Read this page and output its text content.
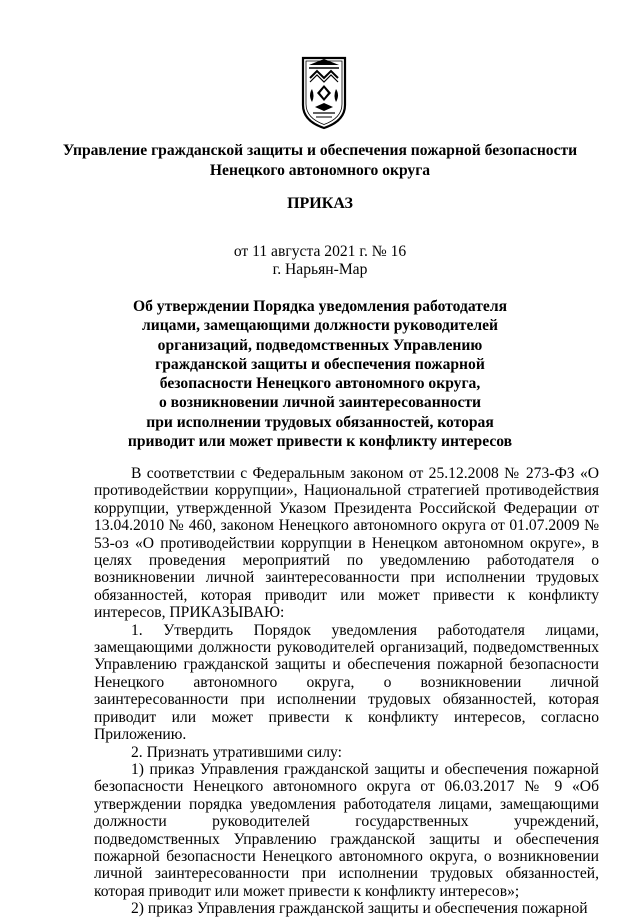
Управление гражданской защиты и обеспечения пожарной безопасности
Ненецкого автономного округа
ПРИКАЗ
от 11 августа 2021 г. № 16
г. Нарьян-Мар
Об утверждении Порядка уведомления работодателя
лицами, замещающими должности руководителей
организаций, подведомственных Управлению
гражданской защиты и обеспечения пожарной
безопасности Ненецкого автономного округа,
о возникновении личной заинтересованности
при исполнении трудовых обязанностей, которая
приводит или может привести к конфликту интересов

В соответствии с Федеральным законом от 25.12.2008 № 273-ФЗ «О противодействии коррупции», Национальной стратегией противодействия коррупции, утвержденной Указом Президента Российской Федерации от 13.04.2010 № 460, законом Ненецкого автономного округа от 01.07.2009 № 53-оз «О противодействии коррупции в Ненецком автономном округе», в целях проведения мероприятий по уведомлению работодателя о возникновении личной заинтересованности при исполнении трудовых обязанностей, которая приводит или может привести к конфликту интересов, ПРИКАЗЫВАЮ:

1. Утвердить Порядок уведомления работодателя лицами, замещающими должности руководителей организаций, подведомственных Управлению гражданской защиты и обеспечения пожарной безопасности Ненецкого автономного округа, о возникновении личной заинтересованности при исполнении трудовых обязанностей, которая приводит или может привести к конфликту интересов, согласно Приложению.

2. Признать утратившими силу:

1) приказ Управления гражданской защиты и обеспечения пожарной безопасности Ненецкого автономного округа от 06.03.2017 № 9 «Об утверждении порядка уведомления работодателя лицами, замещающими должности руководителей государственных учреждений, подведомственных Управлению гражданской защиты и обеспечения пожарной безопасности Ненецкого автономного округа, о возникновении личной заинтересованности при исполнении трудовых обязанностей, которая приводит или может привести к конфликту интересов»;

2) приказ Управления гражданской защиты и обеспечения пожарной
